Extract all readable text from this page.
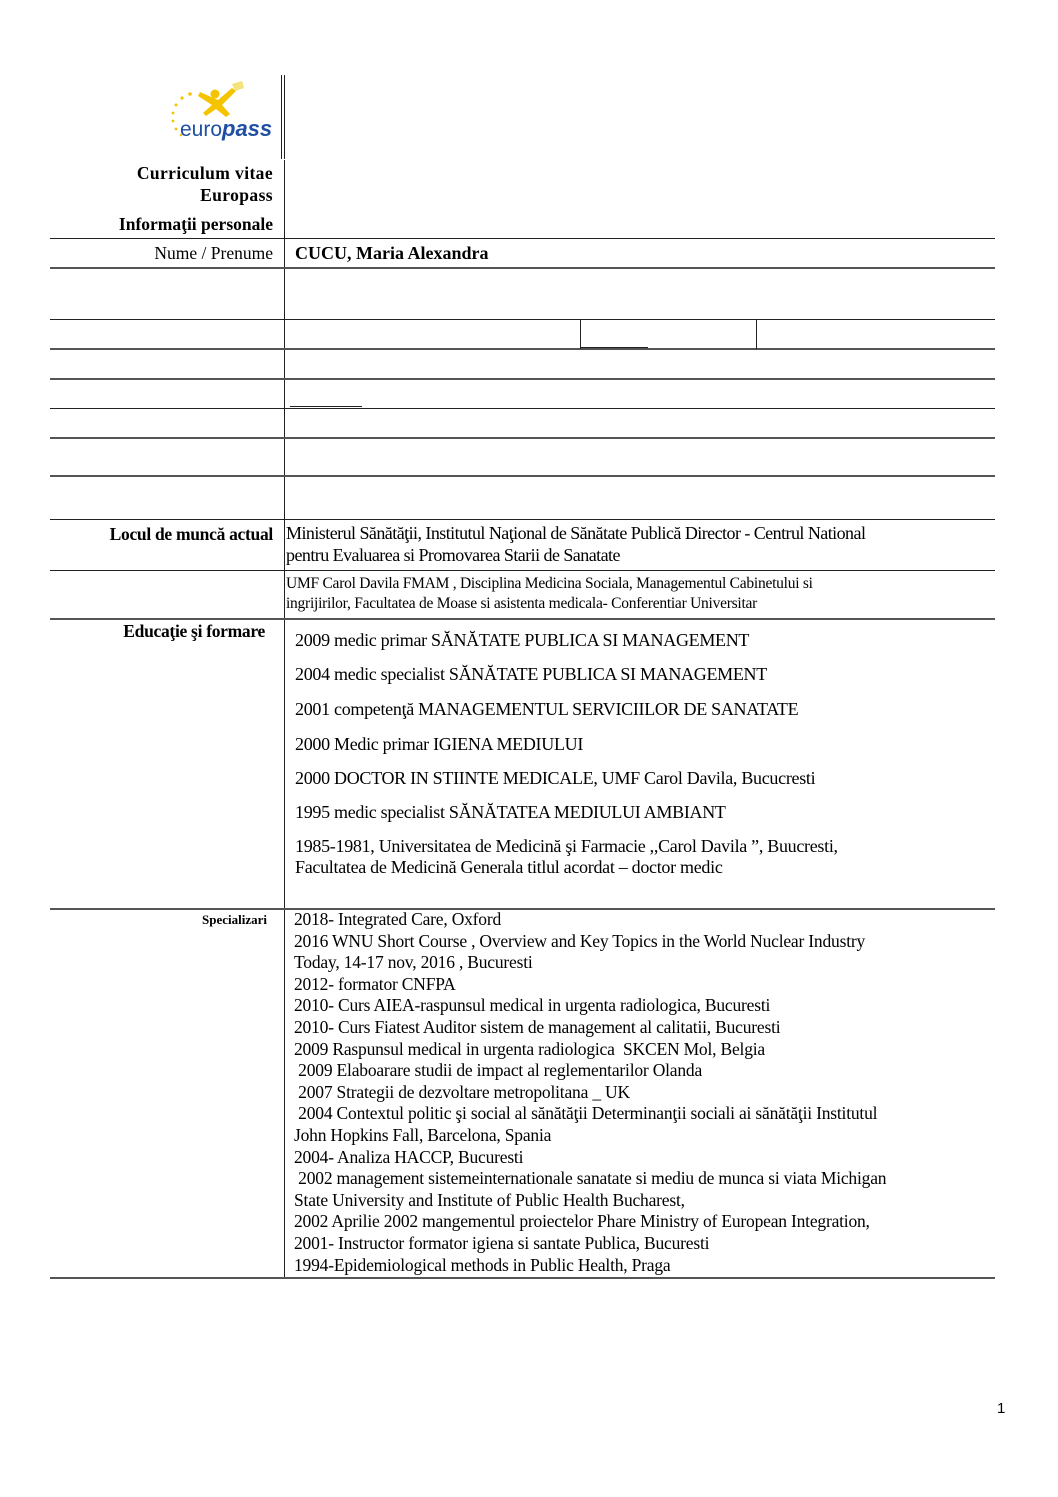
euro pass
Curriculum vitae
Europass
Informaţii personale
Nume / Prenume CUCU, Maria Alexandra
Locul de muncă actual Ministerul Sănătăţii, Institutul Naţional de Sănătate Publică Director - Centrul National
pentru Evaluarea si Promovarea Starii de Sanatate
UMF Carol Davila FMAM , Disciplina Medicina Sociala, Managementul Cabinetului si
ingrijirilor, Facultatea de Moase si asistenta medicala- Conferentiar Universitar
Educaţie şi formare 2009 medic primar SĂNĂTATE PUBLICA SI MANAGEMENT
2004 medic specialist SĂNĂTATE PUBLICA SI MANAGEMENT
2001 competenţă MANAGEMENTUL SERVICIILOR DE SANATATE
2000 Medic primar IGIENA MEDIULUI
2000 DOCTOR IN STIINTE MEDICALE, UMF Carol Davila, Bucucresti
1995 medic specialist SĂNĂTATEA MEDIULUI AMBIANT
1985-1981, Universitatea de Medicină şi Farmacie ,,Carol Davila ”, Buucresti,
Facultatea de Medicină Generala titlul acordat – doctor medic
Specializari 2018- Integrated Care, Oxford
2016 WNU Short Course , Overview and Key Topics in the World Nuclear Industry
Today, 14-17 nov, 2016 , Bucuresti
2012- formator CNFPA
2010- Curs AIEA-raspunsul medical in urgenta radiologica, Bucuresti
2010- Curs Fiatest Auditor sistem de management al calitatii, Bucuresti
2009 Raspunsul medical in urgenta radiologica  SKCEN Mol, Belgia
2009 Elaboarare studii de impact al reglementarilor Olanda
2007 Strategii de dezvoltare metropolitana _ UK
2004 Contextul politic şi social al sănătăţii Determinanţii sociali ai sănătăţii Institutul
John Hopkins Fall, Barcelona, Spania
2004- Analiza HACCP, Bucuresti
2002 management sistemeinternationale sanatate si mediu de munca si viata Michigan
State University and Institute of Public Health Bucharest,
2002 Aprilie 2002 mangementul proiectelor Phare Ministry of European Integration,
2001- Instructor formator igiena si santate Publica, Bucuresti
1994-Epidemiological methods in Public Health, Praga
1
